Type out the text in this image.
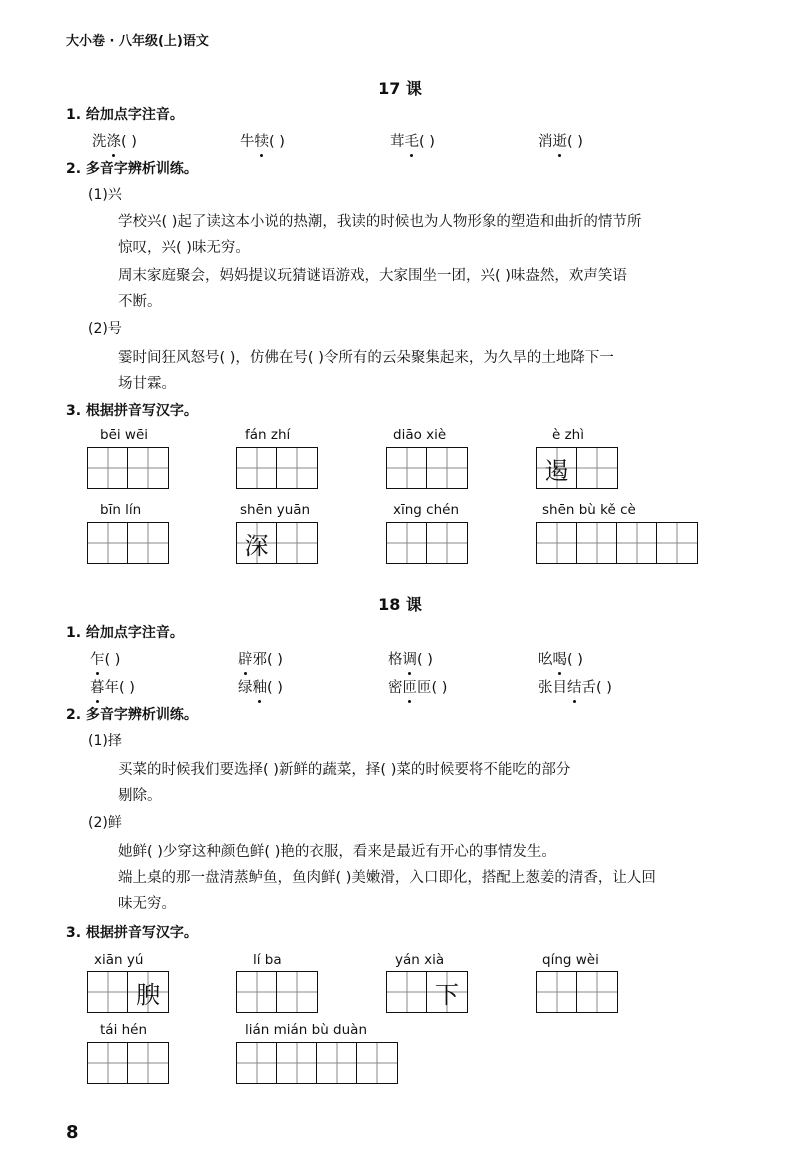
大小卷 · 八年级(上)语文
17 课
1. 给加点字注音。
洗涤( )	牛犊( )	茸毛( )	消逝( )
2. 多音字辨析训练。
(1)兴
学校兴( )起了读这本小说的热潮，我读的时候也为人物形象的塑造和曲折的情节所
惊叹，兴( )味无穷。
周末家庭聚会，妈妈提议玩猜谜语游戏，大家围坐一团，兴( )味盎然，欢声笑语
不断。
(2)号
霎时间狂风怒号( )，仿佛在号( )令所有的云朵聚集起来，为久旱的土地降下一
场甘霖。
3. 根据拼音写汉字。
bēi wēi	fán zhí	diāo xiè	è zhì
遏
bīn lín	shēn yuān
深
xīng chén	shēn bù kě cè
18 课
1. 给加点字注音。
乍( )	辟邪( )	格调( )	吆喝( )
暮年( )	绿釉( )	密匝匝( )	张目结舌( )
2. 多音字辨析训练。
(1)择
买菜的时候我们要选择( )新鲜的蔬菜，择( )菜的时候要将不能吃的部分
剔除。
(2)鲜
她鲜( )少穿这种颜色鲜( )艳的衣服，看来是最近有开心的事情发生。
端上桌的那一盘清蒸鲈鱼，鱼肉鲜( )美嫩滑，入口即化，搭配上葱姜的清香，让人回
味无穷。
3. 根据拼音写汉字。
xiān yú
腴
lí ba	yán xià
下
qíng wèi
tái hén	lián mián bù duàn
8
